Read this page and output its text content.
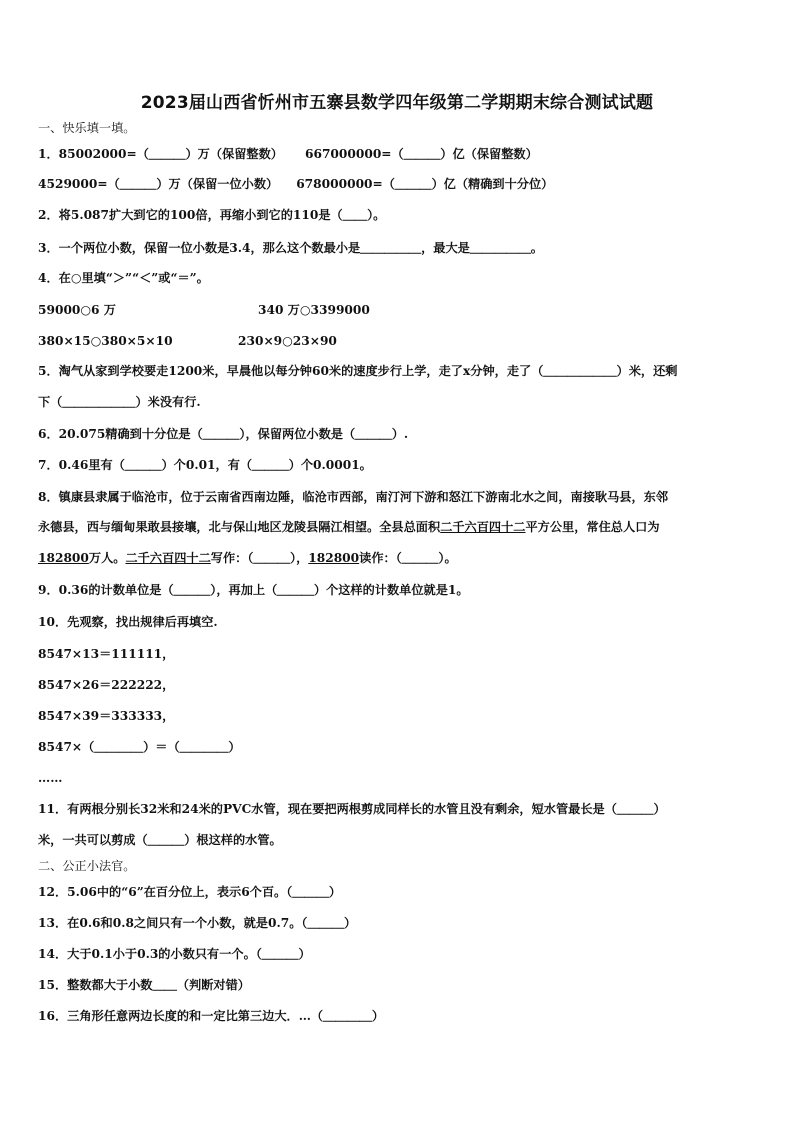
2023届山西省忻州市五寨县数学四年级第二学期期末综合测试试题
一、快乐填一填。
1．85002000=（＿＿＿）万（保留整数） 667000000=（＿＿＿）亿（保留整数）
4529000=（＿＿＿）万（保留一位小数） 678000000=（＿＿＿）亿（精确到十分位）
2．将5.087扩大到它的100倍，再缩小到它的110是（＿＿）。
3．一个两位小数，保留一位小数是3.4，那么这个数最小是＿＿＿＿＿，最大是＿＿＿＿＿。
4．在○里填“＞”“＜”或“＝”。
59000○6 万	340 万○3399000
380×15○380×5×10	230×9○23×90
5．淘气从家到学校要走1200米，早晨他以每分钟60米的速度步行上学，走了x分钟，走了（＿＿＿＿＿＿）米，还剩
下（＿＿＿＿＿＿）米没有行.
6．20.075精确到十分位是（＿＿＿），保留两位小数是（＿＿＿）.
7．0.46里有（＿＿＿）个0.01，有（＿＿＿）个0.0001。
8．镇康县隶属于临沧市，位于云南省西南边陲，临沧市西部，南汀河下游和怒江下游南北水之间，南接耿马县，东邻
永德县，西与缅甸果敢县接壤，北与保山地区龙陵县隔江相望。全县总面积二千六百四十二平方公里，常住总人口为
182800万人。二千六百四十二写作：（＿＿＿），182800读作：（＿＿＿）。
9．0.36的计数单位是（＿＿＿），再加上（＿＿＿）个这样的计数单位就是1。
10．先观察，找出规律后再填空.
8547×13＝111111，
8547×26＝222222，
8547×39＝333333，
8547×（＿＿＿＿）＝（＿＿＿＿）
……
11．有两根分别长32米和24米的PVC水管，现在要把两根剪成同样长的水管且没有剩余，短水管最长是（＿＿＿）
米，一共可以剪成（＿＿＿）根这样的水管。
二、公正小法官。
12．5.06中的“6”在百分位上，表示6个百。（＿＿＿）
13．在0.6和0.8之间只有一个小数，就是0.7。（＿＿＿）
14．大于0.1小于0.3的小数只有一个。（＿＿＿）
15．整数都大于小数＿＿（判断对错）
16．三角形任意两边长度的和一定比第三边大．…（＿＿＿＿）
